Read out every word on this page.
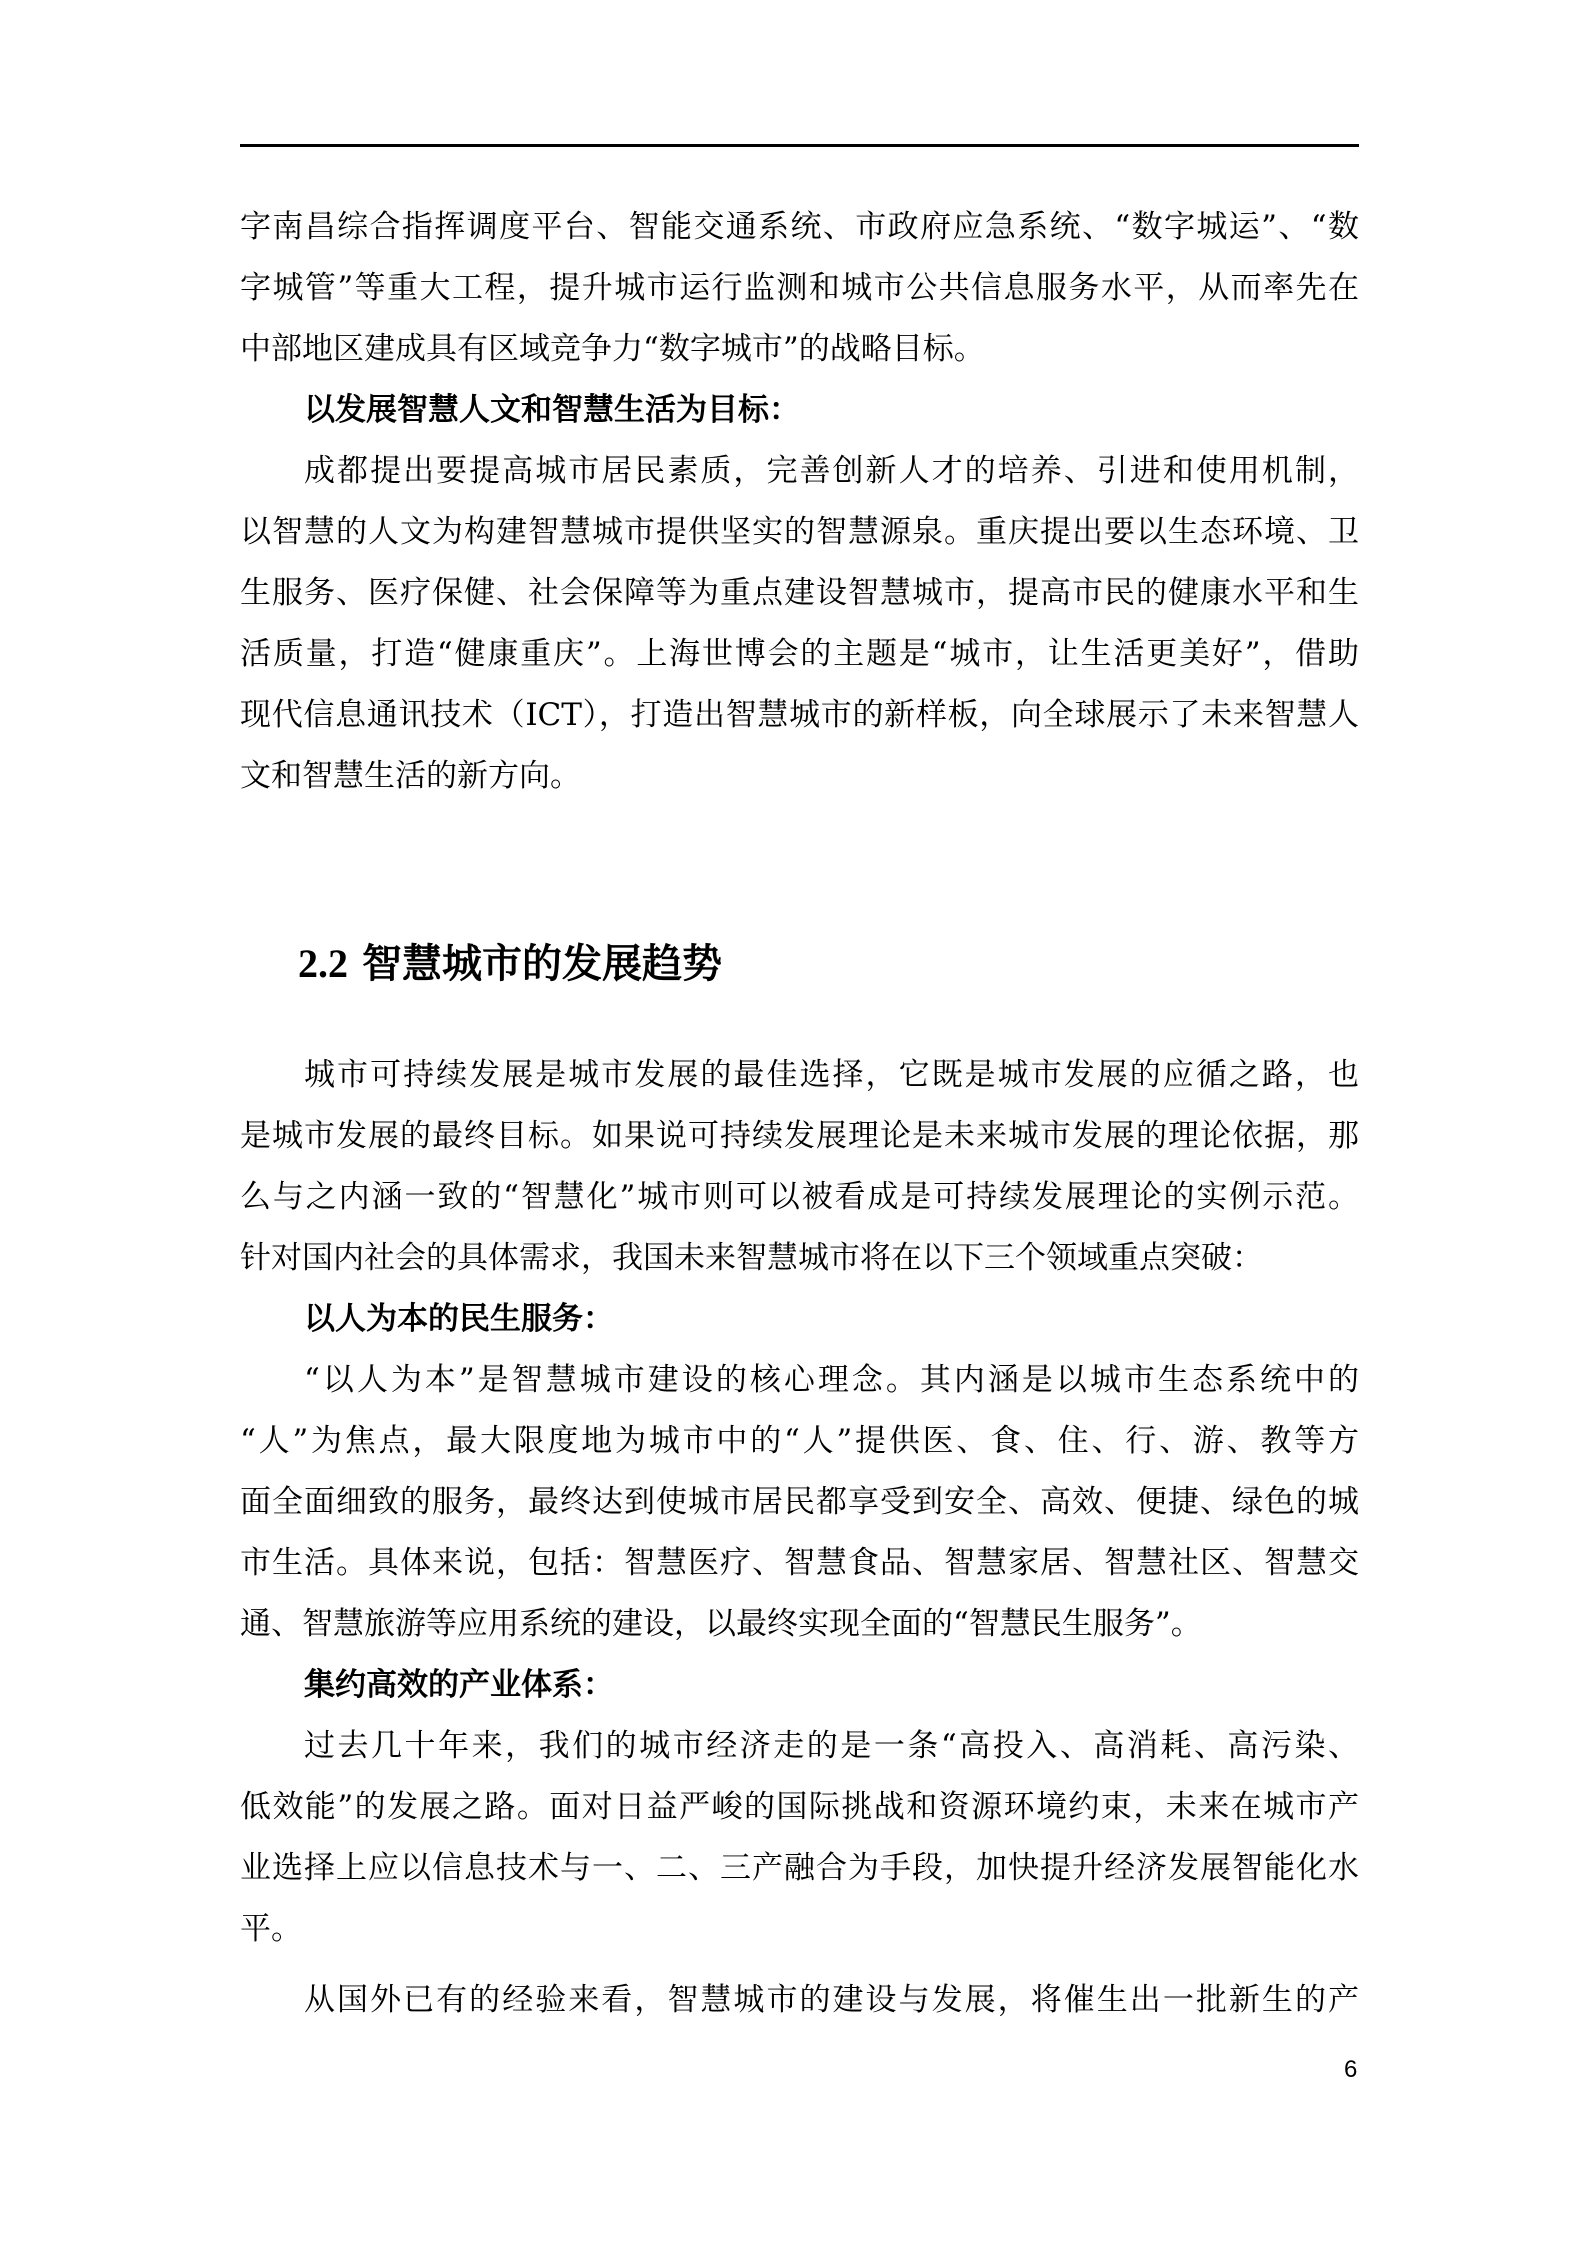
字南昌综合指挥调度平台、智能交通系统、市政府应急系统、“数字城运”、“数
字城管”等重大工程，提升城市运行监测和城市公共信息服务水平，从而率先在
中部地区建成具有区域竞争力“数字城市”的战略目标。
以发展智慧人文和智慧生活为目标：
成都提出要提高城市居民素质，完善创新人才的培养、引进和使用机制，
以智慧的人文为构建智慧城市提供坚实的智慧源泉。重庆提出要以生态环境、卫
生服务、医疗保健、社会保障等为重点建设智慧城市，提高市民的健康水平和生
活质量，打造“健康重庆”。上海世博会的主题是“城市，让生活更美好”，借助
现代信息通讯技术（ICT），打造出智慧城市的新样板，向全球展示了未来智慧人
文和智慧生活的新方向。
2.2 智慧城市的发展趋势
城市可持续发展是城市发展的最佳选择，它既是城市发展的应循之路，也
是城市发展的最终目标。如果说可持续发展理论是未来城市发展的理论依据，那
么与之内涵一致的“智慧化”城市则可以被看成是可持续发展理论的实例示范。
针对国内社会的具体需求，我国未来智慧城市将在以下三个领域重点突破：
以人为本的民生服务：
“以人为本”是智慧城市建设的核心理念。其内涵是以城市生态系统中的
“人”为焦点，最大限度地为城市中的“人”提供医、食、住、行、游、教等方
面全面细致的服务，最终达到使城市居民都享受到安全、高效、便捷、绿色的城
市生活。具体来说，包括：智慧医疗、智慧食品、智慧家居、智慧社区、智慧交
通、智慧旅游等应用系统的建设，以最终实现全面的“智慧民生服务”。
集约高效的产业体系：
过去几十年来，我们的城市经济走的是一条“高投入、高消耗、高污染、
低效能”的发展之路。面对日益严峻的国际挑战和资源环境约束，未来在城市产
业选择上应以信息技术与一、二、三产融合为手段，加快提升经济发展智能化水
平。
从国外已有的经验来看，智慧城市的建设与发展，将催生出一批新生的产
6
